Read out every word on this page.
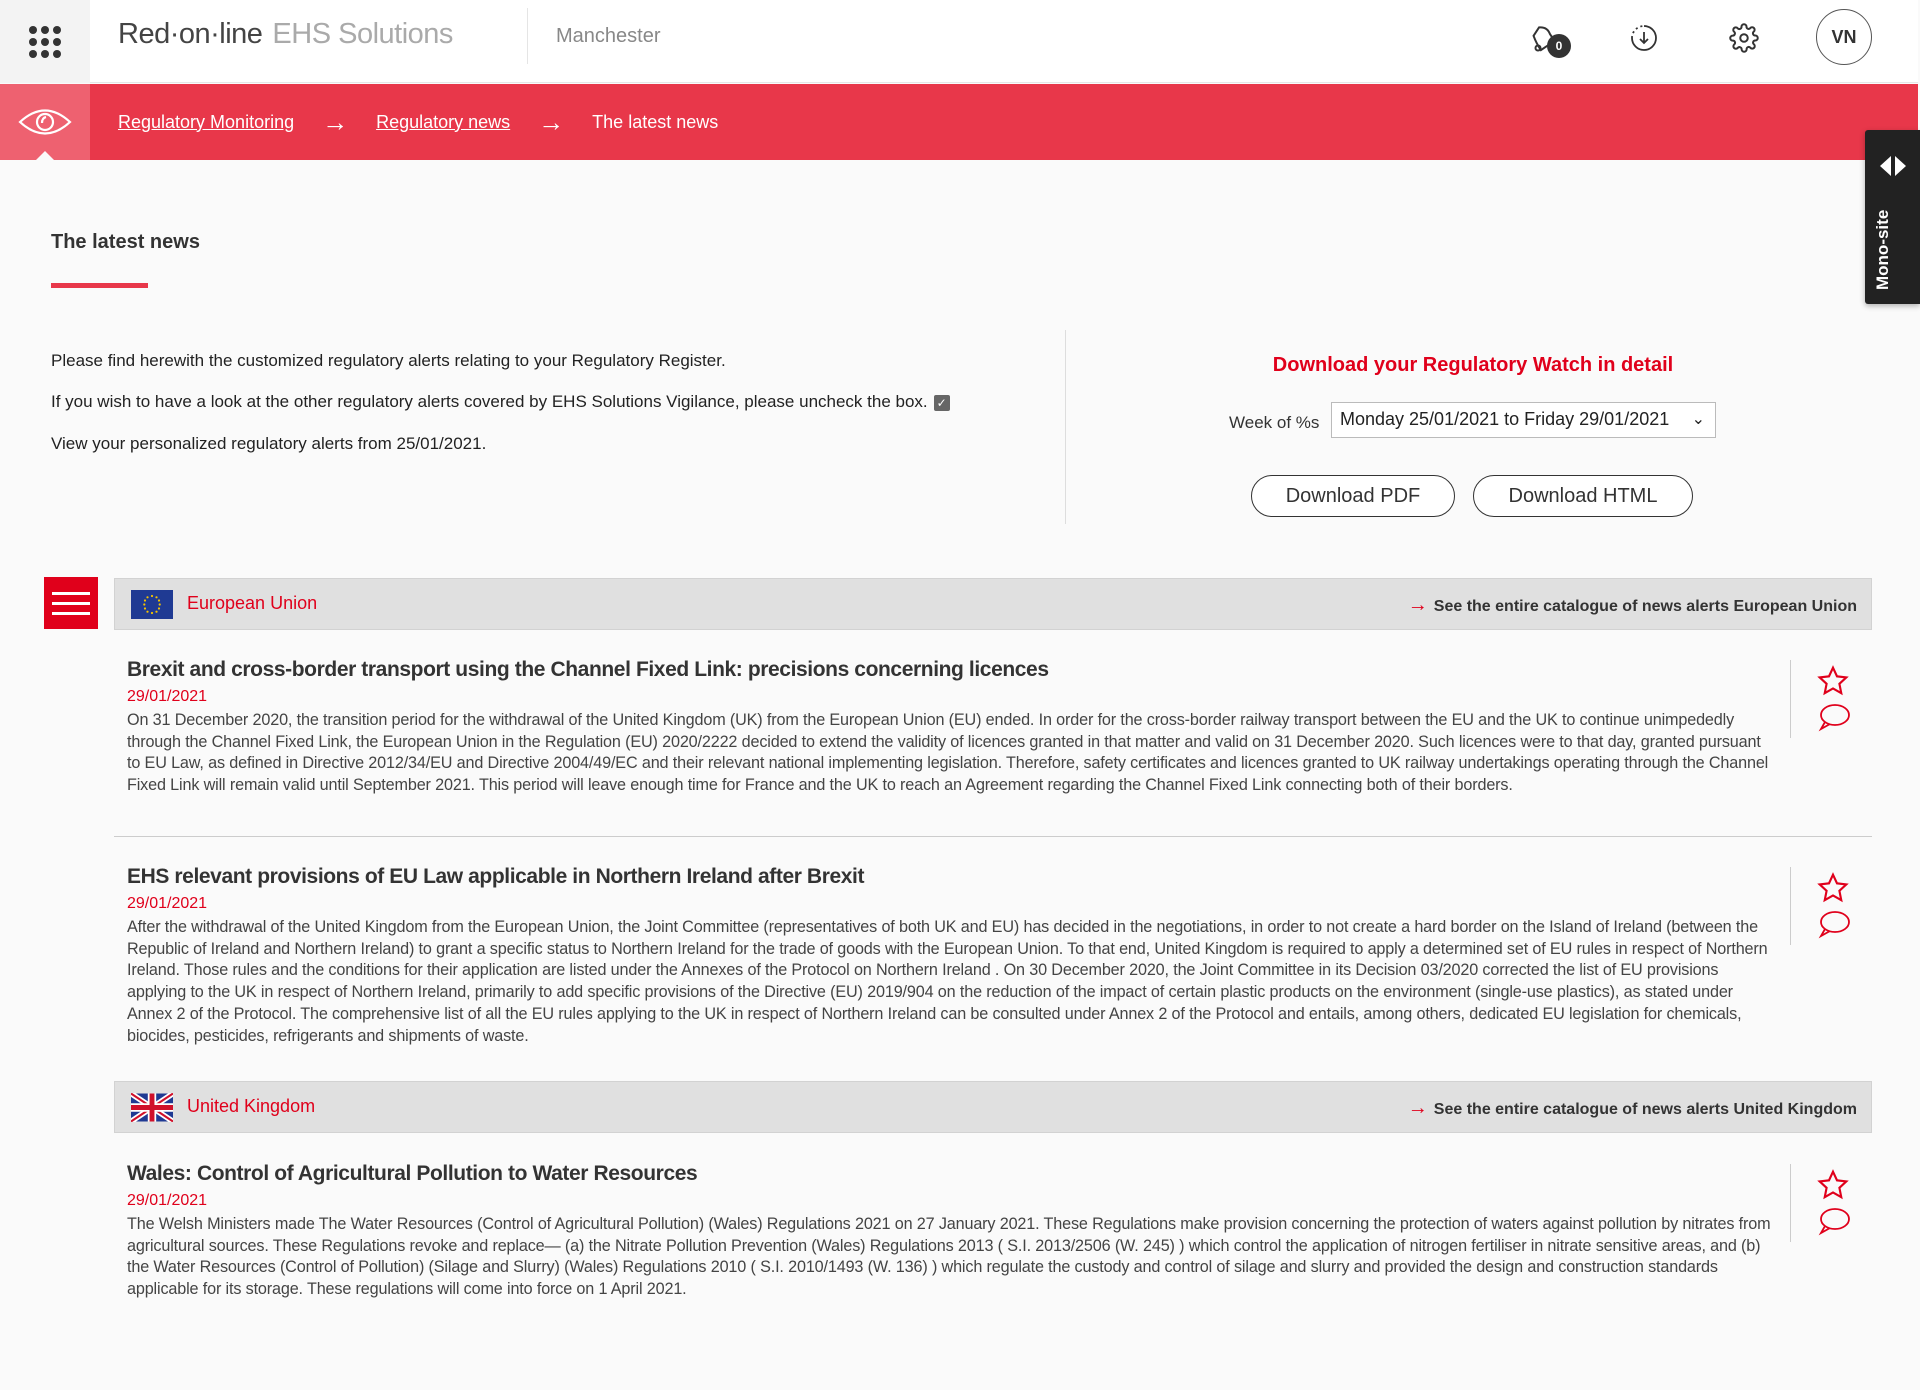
Red·on·line EHS Solutions	Manchester	0	VN
Regulatory Monitoring → Regulatory news → The latest news
Mono-site
The latest news
Please find herewith the customized regulatory alerts relating to your Regulatory Register.
If you wish to have a look at the other regulatory alerts covered by EHS Solutions Vigilance, please uncheck the box. ✓
View your personalized regulatory alerts from 25/01/2021.
Download your Regulatory Watch in detail
Week of %s	Monday 25/01/2021 to Friday 29/01/2021 ⌄
Download PDF	Download HTML
European Union	→ See the entire catalogue of news alerts European Union
Brexit and cross-border transport using the Channel Fixed Link: precisions concerning licences
29/01/2021

On 31 December 2020, the transition period for the withdrawal of the United Kingdom (UK) from the European Union (EU) ended. In order for the cross-border railway transport between the EU and the UK to continue unimpededly through the Channel Fixed Link, the European Union in the Regulation (EU) 2020/2222 decided to extend the validity of licences granted in that matter and valid on 31 December 2020. Such licences were to that day, granted pursuant to EU Law, as defined in Directive 2012/34/EU and Directive 2004/49/EC and their relevant national implementing legislation. Therefore, safety certificates and licences granted to UK railway undertakings operating through the Channel Fixed Link will remain valid until September 2021. This period will leave enough time for France and the UK to reach an Agreement regarding the Channel Fixed Link connecting both of their borders.

EHS relevant provisions of EU Law applicable in Northern Ireland after Brexit
29/01/2021

After the withdrawal of the United Kingdom from the European Union, the Joint Committee (representatives of both UK and EU) has decided in the negotiations, in order to not create a hard border on the Island of Ireland (between the Republic of Ireland and Northern Ireland) to grant a specific status to Northern Ireland for the trade of goods with the European Union. To that end, United Kingdom is required to apply a determined set of EU rules in respect of Northern Ireland. Those rules and the conditions for their application are listed under the Annexes of the Protocol on Northern Ireland . On 30 December 2020, the Joint Committee in its Decision 03/2020 corrected the list of EU provisions applying to the UK in respect of Northern Ireland, primarily to add specific provisions of the Directive (EU) 2019/904 on the reduction of the impact of certain plastic products on the environment (single-use plastics), as stated under Annex 2 of the Protocol. The comprehensive list of all the EU rules applying to the UK in respect of Northern Ireland can be consulted under Annex 2 of the Protocol and entails, among others, dedicated EU legislation for chemicals, biocides, pesticides, refrigerants and shipments of waste.

United Kingdom	→ See the entire catalogue of news alerts United Kingdom
Wales: Control of Agricultural Pollution to Water Resources
29/01/2021

The Welsh Ministers made The Water Resources (Control of Agricultural Pollution) (Wales) Regulations 2021 on 27 January 2021. These Regulations make provision concerning the protection of waters against pollution by nitrates from agricultural sources. These Regulations revoke and replace— (a) the Nitrate Pollution Prevention (Wales) Regulations 2013 ( S.I. 2013/2506 (W. 245) ) which control the application of nitrogen fertiliser in nitrate sensitive areas, and (b) the Water Resources (Control of Pollution) (Silage and Slurry) (Wales) Regulations 2010 ( S.I. 2010/1493 (W. 136) ) which regulate the custody and control of silage and slurry and provided the design and construction standards applicable for its storage. These regulations will come into force on 1 April 2021.
